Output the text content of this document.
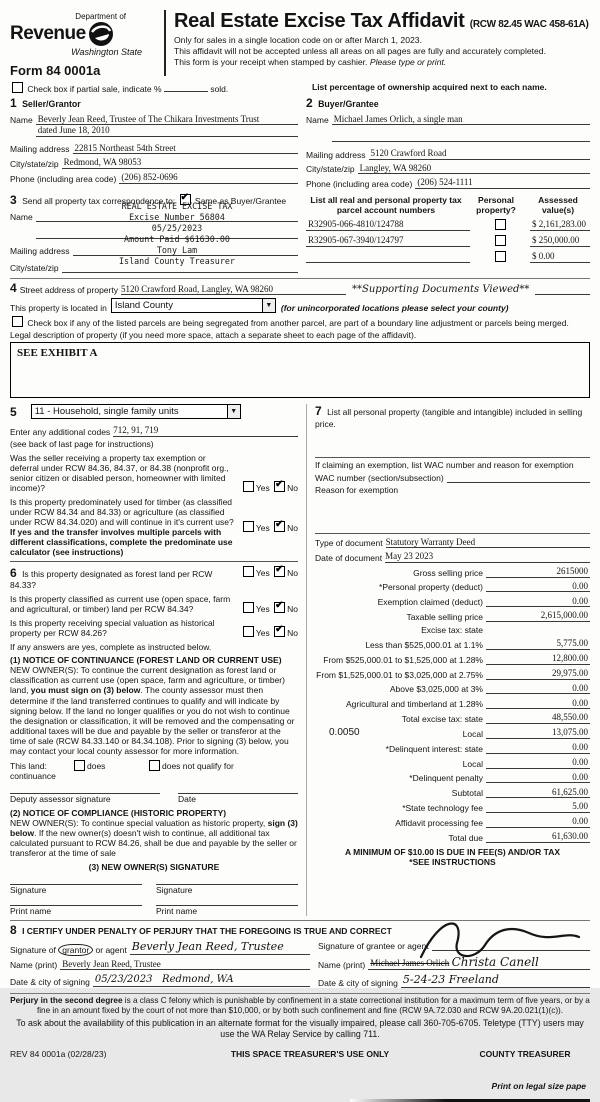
Department of
Revenue
Washington State
Form 84 0001a
Real Estate Excise Tax Affidavit (RCW 82.45 WAC 458-61A)
Only for sales in a single location code on or after March 1, 2023.
This affidavit will not be accepted unless all areas on all pages are fully and accurately completed.
This form is your receipt when stamped by cashier. Please type or print.
Check box if partial sale, indicate %	sold.	List percentage of ownership acquired next to each name.
1 Seller/Grantor
Name Beverly Jean Reed, Trustee of The Chikara Investments Trust
dated June 18, 2010
Mailing address 22815 Northeast 54th Street
City/state/zip Redmond, WA 98053
Phone (including area code) (206) 852-0696
2 Buyer/Grantee
Name Michael James Orlich, a single man
Mailing address 5120 Crawford Road
City/state/zip Langley, WA 98260
Phone (including area code) (206) 524-1111
3 Send all property tax correspondence to: ✔ Same as Buyer/Grantee
Name
Mailing address
City/state/zip
REAL ESTATE EXCISE TAX
Excise Number 56804
05/25/2023
Amount Paid $61630.00
Tony Lam
Island County Treasurer
List all real and personal property tax parcel account numbers
Personal property?
Assessed value(s)
R32905-066-4810/124788	$ 2,161,283.00
R32905-067-3940/124797	$ 250,000.00
$ 0.00
4 Street address of property 5120 Crawford Road, Langley, WA 98260	**Supporting Documents Viewed**
This property is located in Island County	▼	(for unincorporated locations please select your county)
Check box if any of the listed parcels are being segregated from another parcel, are part of a boundary line adjustment or parcels being merged.
Legal description of property (if you need more space, attach a separate sheet to each page of the affidavit).
SEE EXHIBIT A
5 11 - Household, single family units	▼
Enter any additional codes 712, 91, 719
(see back of last page for instructions)
Was the seller receiving a property tax exemption or deferral under RCW 84.36, 84.37, or 84.38 (nonprofit org., senior citizen or disabled person, homeowner with limited income)?	Yes ✔ No
Is this property predominately used for timber (as classified under RCW 84.34 and 84.33) or agriculture (as classified under RCW 84.34.020) and will continue in it's current use? If yes and the transfer involves multiple parcels with different classifications, complete the predominate use calculator (see instructions)
Yes ✔ No
6 Is this property designated as forest land per RCW 84.33?
Yes ✔ No
Is this property classified as current use (open space, farm and agricultural, or timber) land per RCW 84.34?	Yes ✔ No
Is this property receiving special valuation as historical property per RCW 84.26?	Yes ✔ No
If any answers are yes, complete as instructed below.
(1) NOTICE OF CONTINUANCE (FOREST LAND OR CURRENT USE)
NEW OWNER(S): To continue the current designation as forest land or classification as current use (open space, farm and agriculture, or timber) land, you must sign on (3) below. The county assessor must then determine if the land transferred continues to qualify and will indicate by signing below. If the land no longer qualifies or you do not wish to continue the designation or classification, it will be removed and the compensating or additional taxes will be due and payable by the seller or transferor at the time of sale (RCW 84.33.140 or 84.34.108). Prior to signing (3) below, you may contact your local county assessor for more information.
This land:	does	does not qualify for
continuance
Deputy assessor signature	Date
(2) NOTICE OF COMPLIANCE (HISTORIC PROPERTY)
NEW OWNER(S): To continue special valuation as historic property, sign (3) below. If the new owner(s) doesn't wish to continue, all additional tax calculated pursuant to RCW 84.26, shall be due and payable by the seller or transferor at the time of sale
(3) NEW OWNER(S) SIGNATURE
Signature	Signature
Print name	Print name
7 List all personal property (tangible and intangible) included in selling price.
If claiming an exemption, list WAC number and reason for exemption
WAC number (section/subsection)
Reason for exemption
Type of document Statutory Warranty Deed
Date of document May 23 2023
Gross selling price	2615000
*Personal property (deduct)	0.00
Exemption claimed (deduct)	0.00
Taxable selling price	2,615,000.00
Excise tax: state
Less than $525,000.01 at 1.1%	5,775.00
From $525,000.01 to $1,525,000 at 1.28%	12,800.00
From $1,525,000.01 to $3,025,000 at 2.75%	29,975.00
Above $3,025,000 at 3%	0.00
Agricultural and timberland at 1.28%	0.00
Total excise tax: state	48,550.00
0.0050	Local	13,075.00
*Delinquent interest: state	0.00
Local	0.00
*Delinquent penalty	0.00
Subtotal	61,625.00
*State technology fee	5.00
Affidavit processing fee	0.00
Total due	61,630.00
A MINIMUM OF $10.00 IS DUE IN FEE(S) AND/OR TAX
*SEE INSTRUCTIONS
8 I CERTIFY UNDER PENALTY OF PERJURY THAT THE FOREGOING IS TRUE AND CORRECT
Signature of grantor or agent Beverly Jean Reed, Trustee
Name (print) Beverly Jean Reed, Trustee
Date & city of signing 05/23/2023 Redmond, WA
Signature of grantee or agent
Name (print) Michael James Orlich Christa Canell
Date & city of signing 5-24-23 Freeland
Perjury in the second degree is a class C felony which is punishable by confinement in a state correctional institution for a maximum term of five years, or by a fine in an amount fixed by the court of not more than $10,000, or by both such confinement and fine (RCW 9A.72.030 and RCW 9A.20.021(1)(c)).
To ask about the availability of this publication in an alternate format for the visually impaired, please call 360-705-6705. Teletype (TTY) users may use the WA Relay Service by calling 711.
REV 84 0001a (02/28/23)	THIS SPACE TREASURER'S USE ONLY	COUNTY TREASURER
Print on legal size pape
